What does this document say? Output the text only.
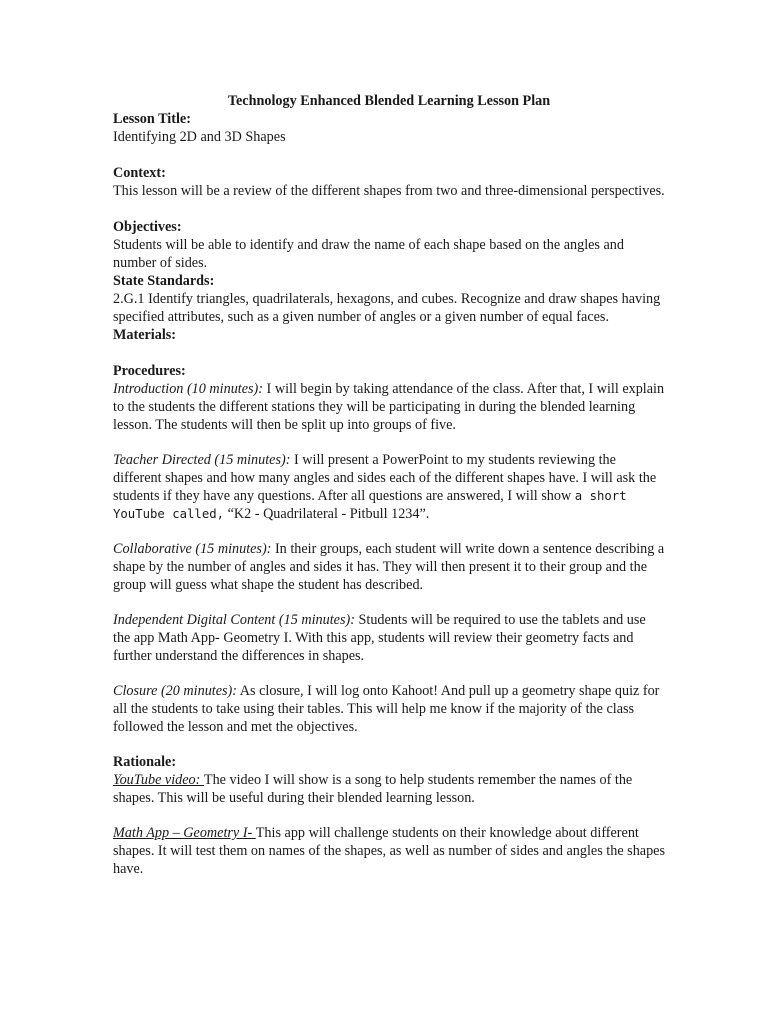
Technology Enhanced Blended Learning Lesson Plan

Lesson Title:

Identifying 2D and 3D Shapes

Context:

This lesson will be a review of the different shapes from two and three-dimensional perspectives.

Objectives:

Students will be able to identify and draw the name of each shape based on the angles and number of sides.

State Standards:

2.G.1 Identify triangles, quadrilaterals, hexagons, and cubes. Recognize and draw shapes having specified attributes, such as a given number of angles or a given number of equal faces.

Materials:

Procedures:

Introduction (10 minutes): I will begin by taking attendance of the class. After that, I will explain to the students the different stations they will be participating in during the blended learning lesson. The students will then be split up into groups of five.

Teacher Directed (15 minutes): I will present a PowerPoint to my students reviewing the different shapes and how many angles and sides each of the different shapes have. I will ask the students if they have any questions. After all questions are answered, I will show a short YouTube called, “K2 - Quadrilateral - Pitbull 1234”.

Collaborative (15 minutes): In their groups, each student will write down a sentence describing a shape by the number of angles and sides it has. They will then present it to their group and the group will guess what shape the student has described.

Independent Digital Content (15 minutes): Students will be required to use the tablets and use the app Math App- Geometry I. With this app, students will review their geometry facts and further understand the differences in shapes.

Closure (20 minutes): As closure, I will log onto Kahoot! And pull up a geometry shape quiz for all the students to take using their tables. This will help me know if the majority of the class followed the lesson and met the objectives.

Rationale:

YouTube video: The video I will show is a song to help students remember the names of the shapes. This will be useful during their blended learning lesson.

Math App – Geometry I- This app will challenge students on their knowledge about different shapes. It will test them on names of the shapes, as well as number of sides and angles the shapes have.
